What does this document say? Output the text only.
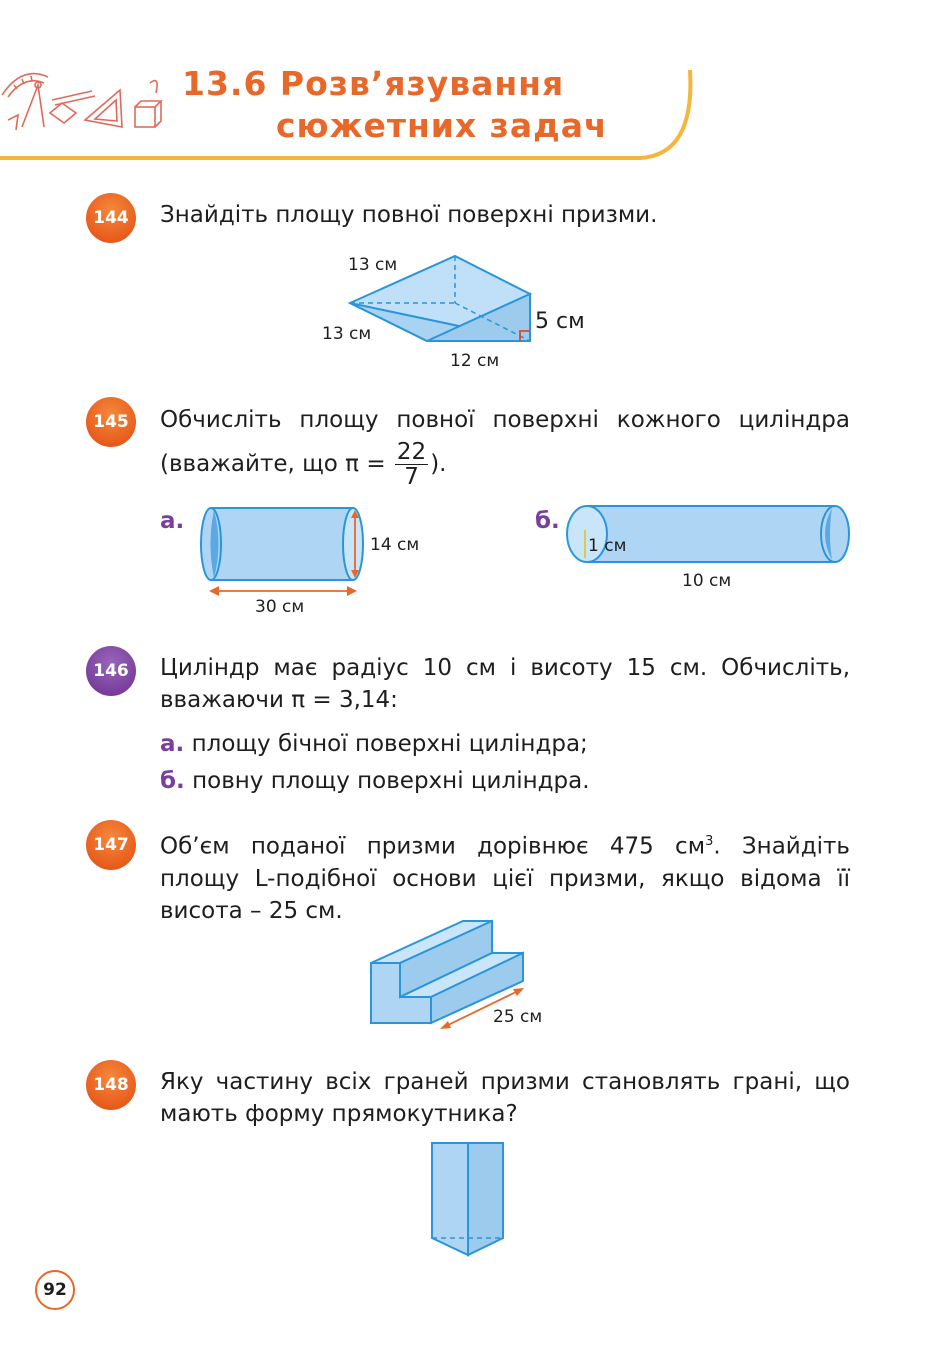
13.6 Розв’язування
сюжетних задач
144	Знайдіть площу повної поверхні призми.
13 см
13 см
12 см
5 см
145	Обчисліть площу повної поверхні кожного циліндра
(вважайте, що $\pi = \frac{22}{7}$ ).
а.
14 см
30 см
б.
1 см
10 см
146	Циліндр має радіус 10 см і висоту 15 см. Обчисліть,
вважаючи π = 3,14:
а. площу бічної поверхні циліндра;
б. повну площу поверхні циліндра.
147	Об’єм поданої призми дорівнює 475 $см^3$. Знайдіть площу L-подібної основи цієї призми, якщо відома її висота – 25 см.
25 см
148	Яку частину всіх граней призми становлять грані, що мають форму прямокутника?
92
